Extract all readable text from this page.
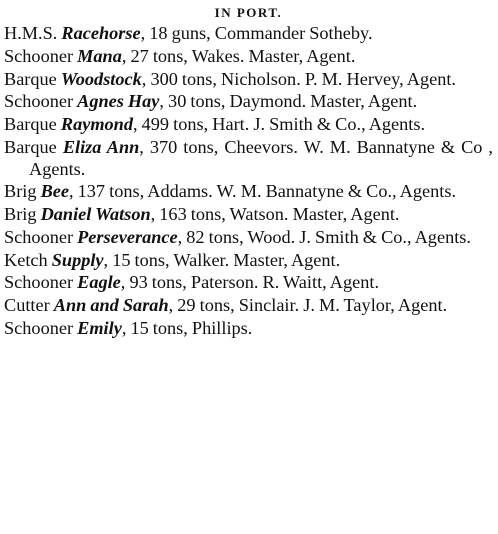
IN PORT.
H.M.S. Racehorse, 18 guns, Commander Sotheby.
Schooner Mana, 27 tons, Wakes. Master, Agent.
Barque Woodstock, 300 tons, Nicholson. P. M. Hervey, Agent.
Schooner Agnes Hay, 30 tons, Daymond. Master, Agent.
Barque Raymond, 499 tons, Hart. J. Smith & Co., Agents.
Barque Eliza Ann, 370 tons, Cheevors. W. M. Bannatyne & Co , Agents.
Brig Bee, 137 tons, Addams. W. M. Bannatyne & Co., Agents.
Brig Daniel Watson, 163 tons, Watson. Master, Agent.
Schooner Perseverance, 82 tons, Wood. J. Smith & Co., Agents.
Ketch Supply, 15 tons, Walker. Master, Agent.
Schooner Eagle, 93 tons, Paterson. R. Waitt, Agent.
Cutter Ann and Sarah, 29 tons, Sinclair. J. M. Taylor, Agent.
Schooner Emily, 15 tons, Phillips.
